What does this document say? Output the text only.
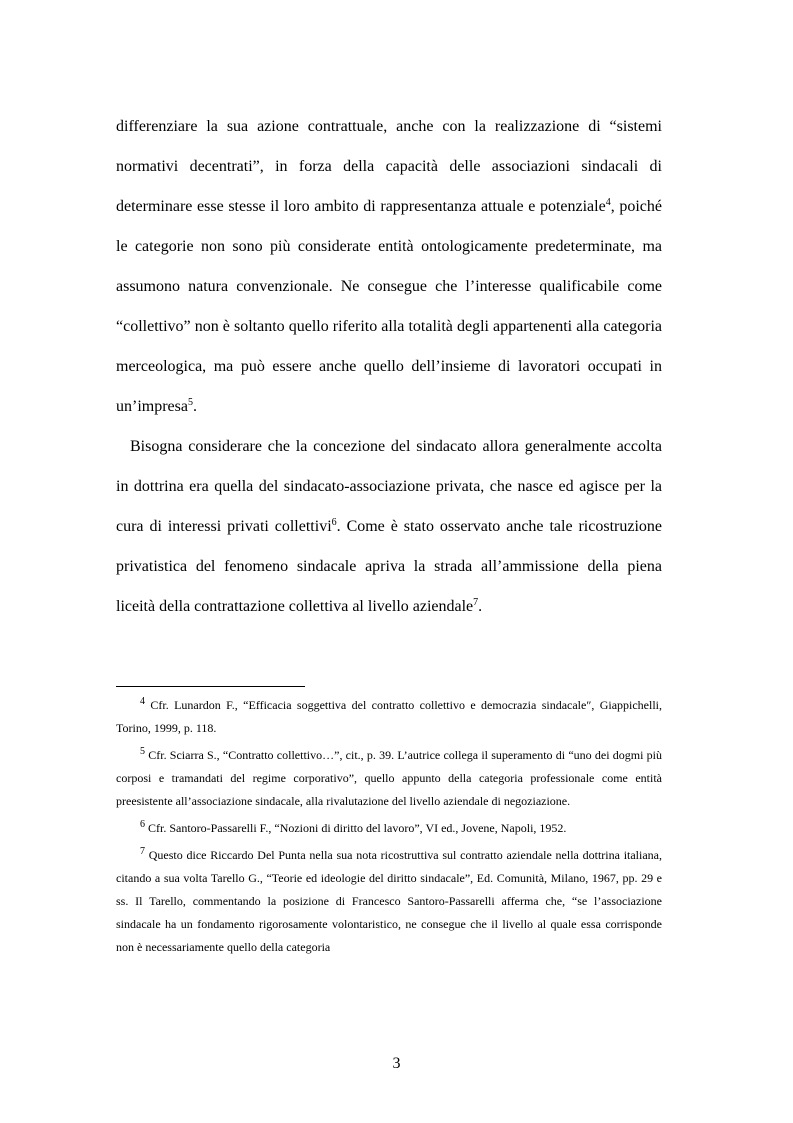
differenziare la sua azione contrattuale, anche con la realizzazione di “sistemi normativi decentrati”, in forza della capacità delle associazioni sindacali di determinare esse stesse il loro ambito di rappresentanza attuale e potenziale$^4$, poiché le categorie non sono più considerate entità ontologicamente predeterminate, ma assumono natura convenzionale. Ne consegue che l’interesse qualificabile come “collettivo” non è soltanto quello riferito alla totalità degli appartenenti alla categoria merceologica, ma può essere anche quello dell’insieme di lavoratori occupati in un’impresa$^5$.

Bisogna considerare che la concezione del sindacato allora generalmente accolta in dottrina era quella del sindacato-associazione privata, che nasce ed agisce per la cura di interessi privati collettivi$^6$. Come è stato osservato anche tale ricostruzione privatistica del fenomeno sindacale apriva la strada all’ammissione della piena liceità della contrattazione collettiva al livello aziendale$^7$.

$^4$ Cfr. Lunardon F., “Efficacia soggettiva del contratto collettivo e democrazia sindacale″, Giappichelli, Torino, 1999, p. 118.

$^5$ Cfr. Sciarra S., “Contratto collettivo…”, cit., p. 39. L’autrice collega il superamento di “uno dei dogmi più corposi e tramandati del regime corporativo”, quello appunto della categoria professionale come entità preesistente all’associazione sindacale, alla rivalutazione del livello aziendale di negoziazione.

$^6$ Cfr. Santoro-Passarelli F., “Nozioni di diritto del lavoro”, VI ed., Jovene, Napoli, 1952.

$^7$ Questo dice Riccardo Del Punta nella sua nota ricostruttiva sul contratto aziendale nella dottrina italiana, citando a sua volta Tarello G., “Teorie ed ideologie del diritto sindacale”, Ed. Comunità, Milano, 1967, pp. 29 e ss. Il Tarello, commentando la posizione di Francesco Santoro-Passarelli afferma che, “se l’associazione sindacale ha un fondamento rigorosamente volontaristico, ne consegue che il livello al quale essa corrisponde non è necessariamente quello della categoria

3
